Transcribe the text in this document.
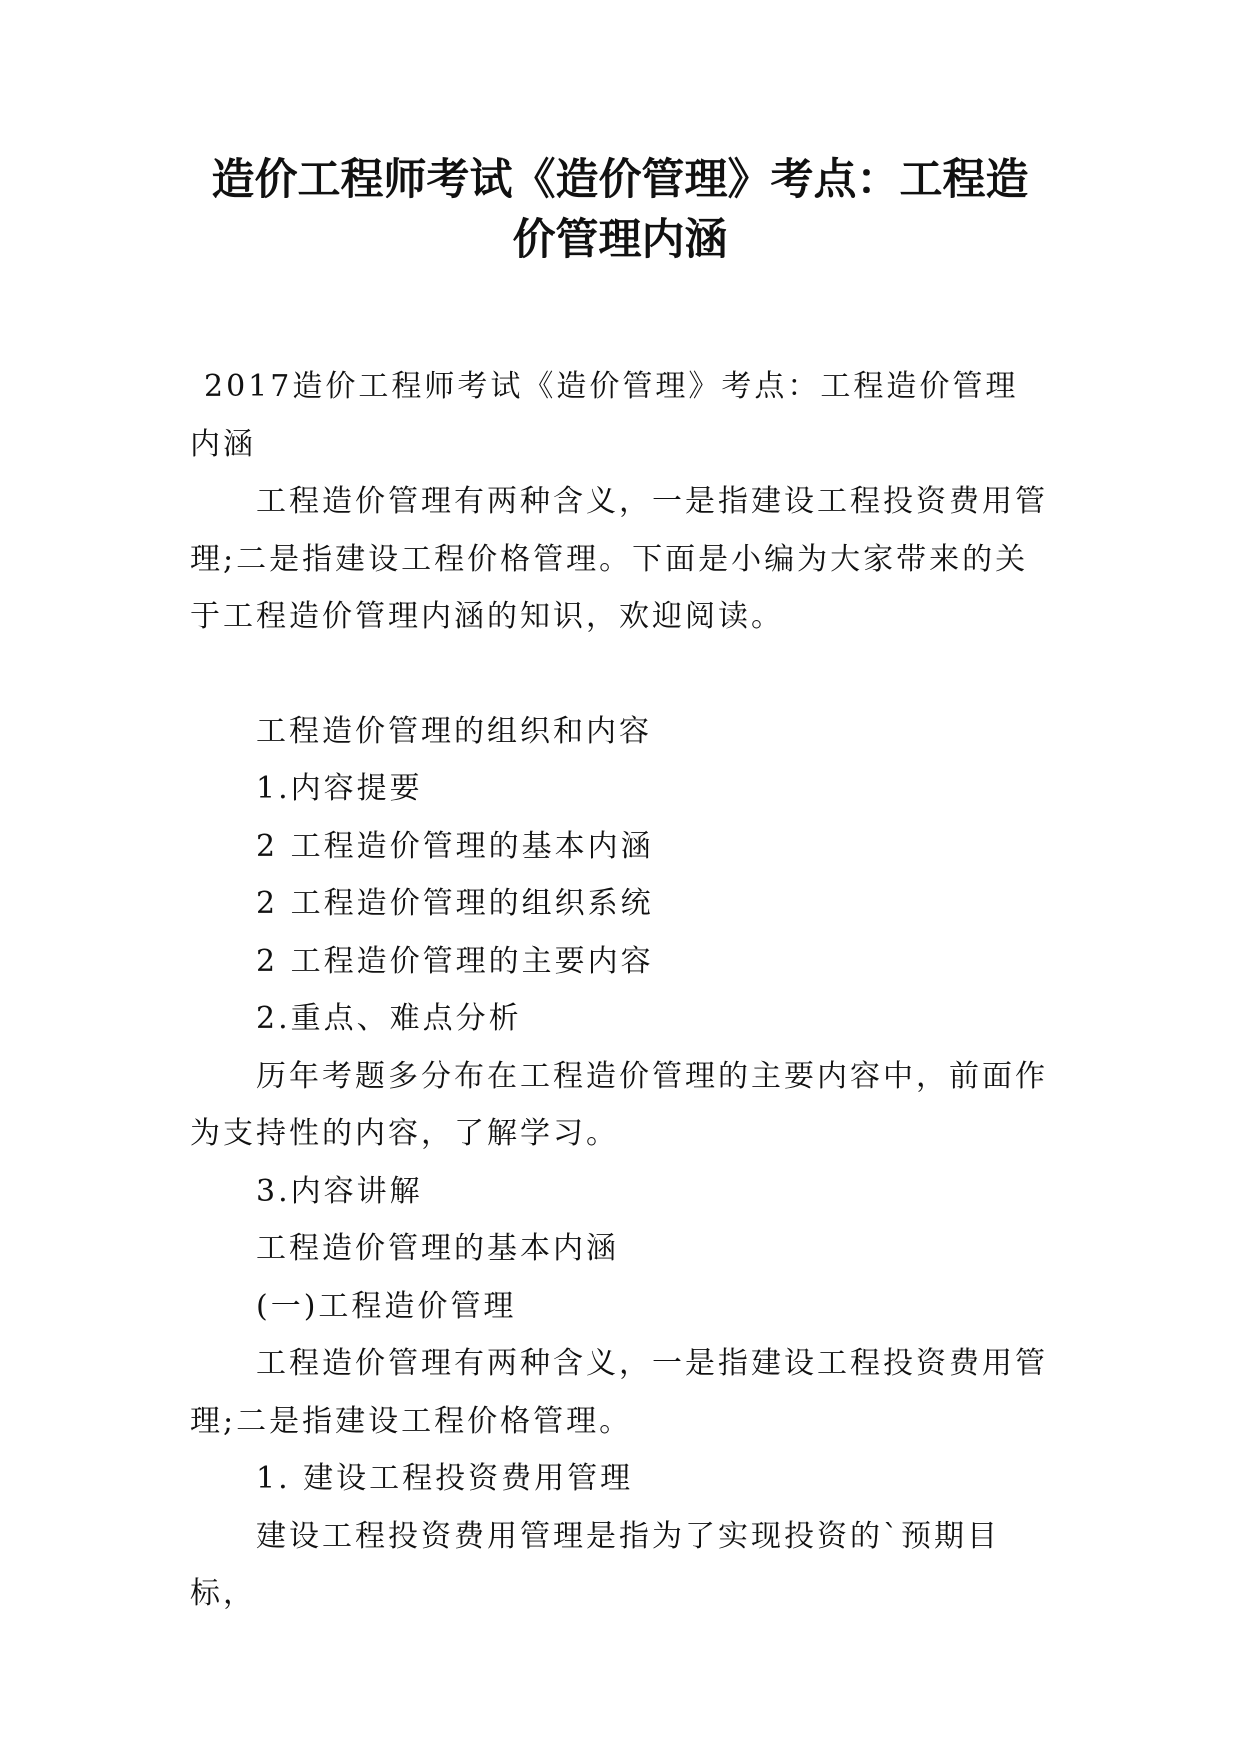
造价工程师考试《造价管理》考点：工程造
价管理内涵

2017造价工程师考试《造价管理》考点：工程造价管理内涵

工程造价管理有两种含义，一是指建设工程投资费用管理;二是指建设工程价格管理。下面是小编为大家带来的关于工程造价管理内涵的知识，欢迎阅读。

工程造价管理的组织和内容

1.内容提要

2 工程造价管理的基本内涵

2 工程造价管理的组织系统

2 工程造价管理的主要内容

2.重点、难点分析

历年考题多分布在工程造价管理的主要内容中，前面作为支持性的内容，了解学习。

3.内容讲解

工程造价管理的基本内涵

(一)工程造价管理

工程造价管理有两种含义，一是指建设工程投资费用管理;二是指建设工程价格管理。

1. 建设工程投资费用管理

建设工程投资费用管理是指为了实现投资的`预期目标，
